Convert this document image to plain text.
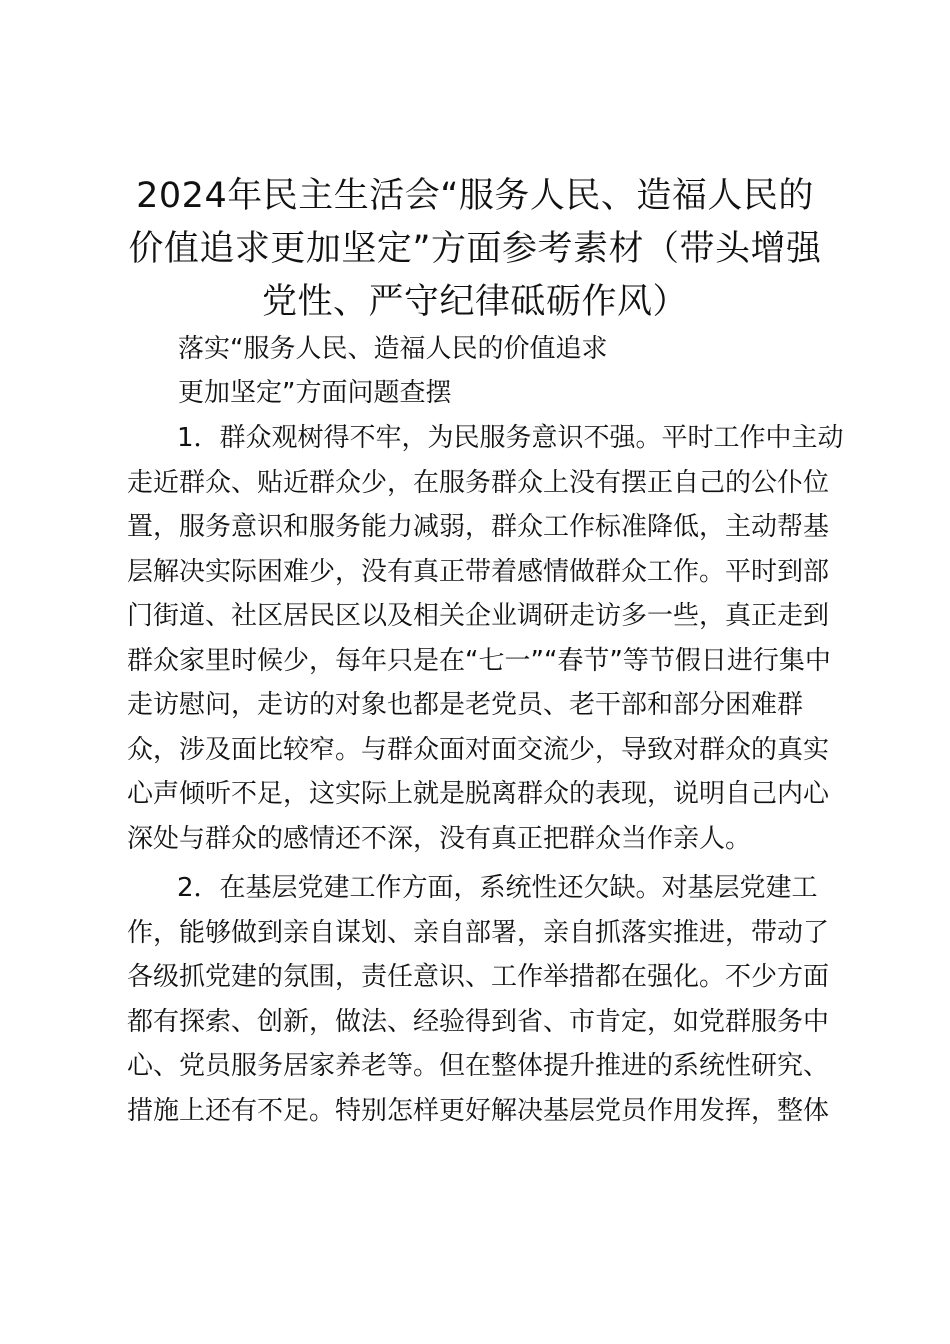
2024年民主生活会“服务人民、造福人民的
价值追求更加坚定”方面参考素材（带头增强
党性、严守纪律砥砺作风）
落实“服务人民、造福人民的价值追求
更加坚定”方面问题查摆
1．群众观树得不牢，为民服务意识不强。平时工作中主动
走近群众、贴近群众少，在服务群众上没有摆正自己的公仆位
置，服务意识和服务能力减弱，群众工作标准降低，主动帮基
层解决实际困难少，没有真正带着感情做群众工作。平时到部
门街道、社区居民区以及相关企业调研走访多一些，真正走到
群众家里时候少，每年只是在“七一”“春节”等节假日进行集中
走访慰问，走访的对象也都是老党员、老干部和部分困难群
众，涉及面比较窄。与群众面对面交流少，导致对群众的真实
心声倾听不足，这实际上就是脱离群众的表现，说明自己内心
深处与群众的感情还不深，没有真正把群众当作亲人。
2．在基层党建工作方面，系统性还欠缺。对基层党建工
作，能够做到亲自谋划、亲自部署，亲自抓落实推进，带动了
各级抓党建的氛围，责任意识、工作举措都在强化。不少方面
都有探索、创新，做法、经验得到省、市肯定，如党群服务中
心、党员服务居家养老等。但在整体提升推进的系统性研究、
措施上还有不足。特别怎样更好解决基层党员作用发挥，整体
